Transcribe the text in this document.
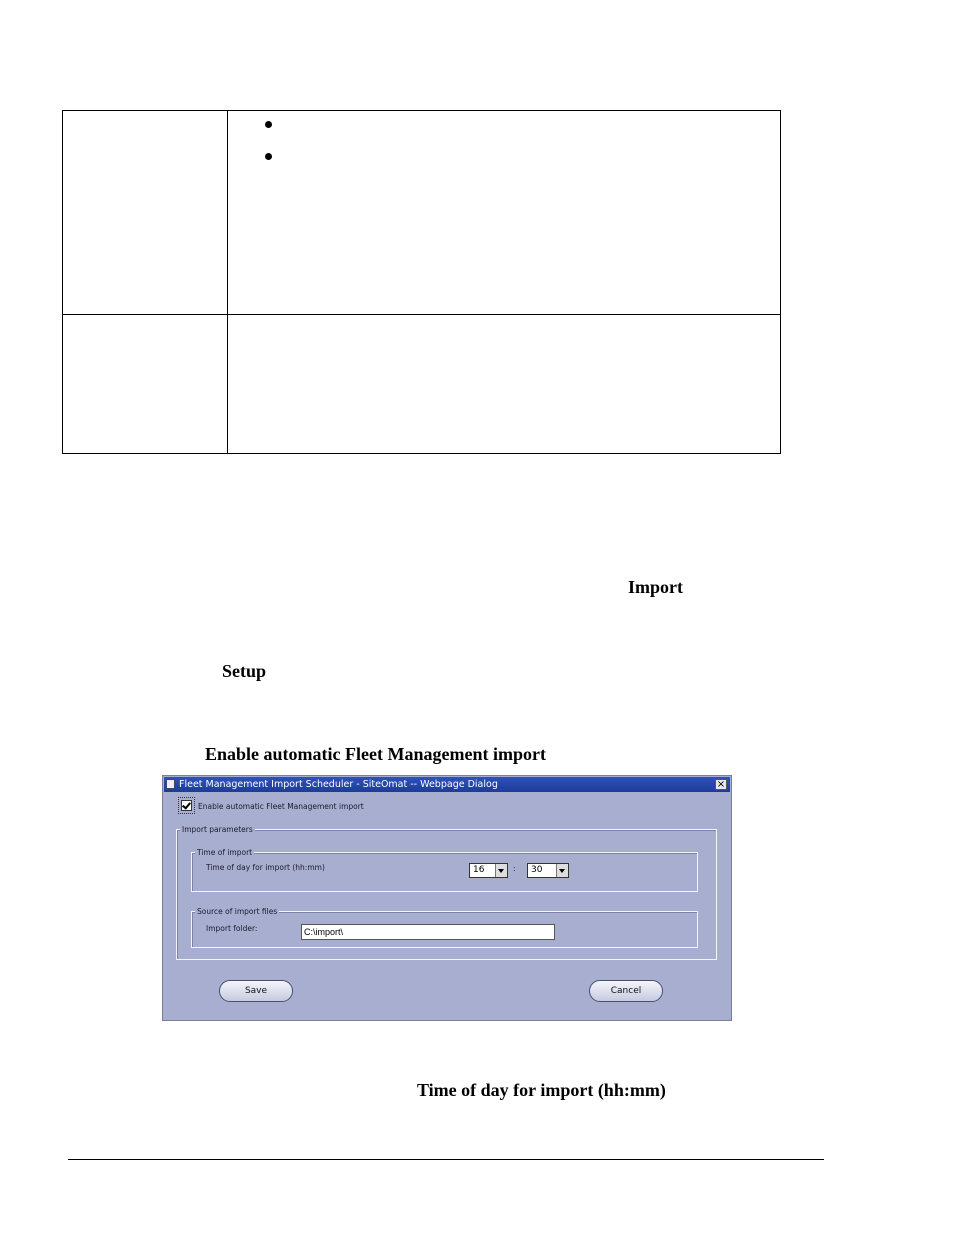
Import
Setup
Enable automatic Fleet Management import
Fleet Management Import Scheduler - SiteOmat -- Webpage Dialog	×
Enable automatic Fleet Management import
Import parameters
Time of import
Time of day for import (hh:mm)	16	:	30
Source of import files
Import folder:
C:\import\
Save	Cancel
Time of day for import (hh:mm)
